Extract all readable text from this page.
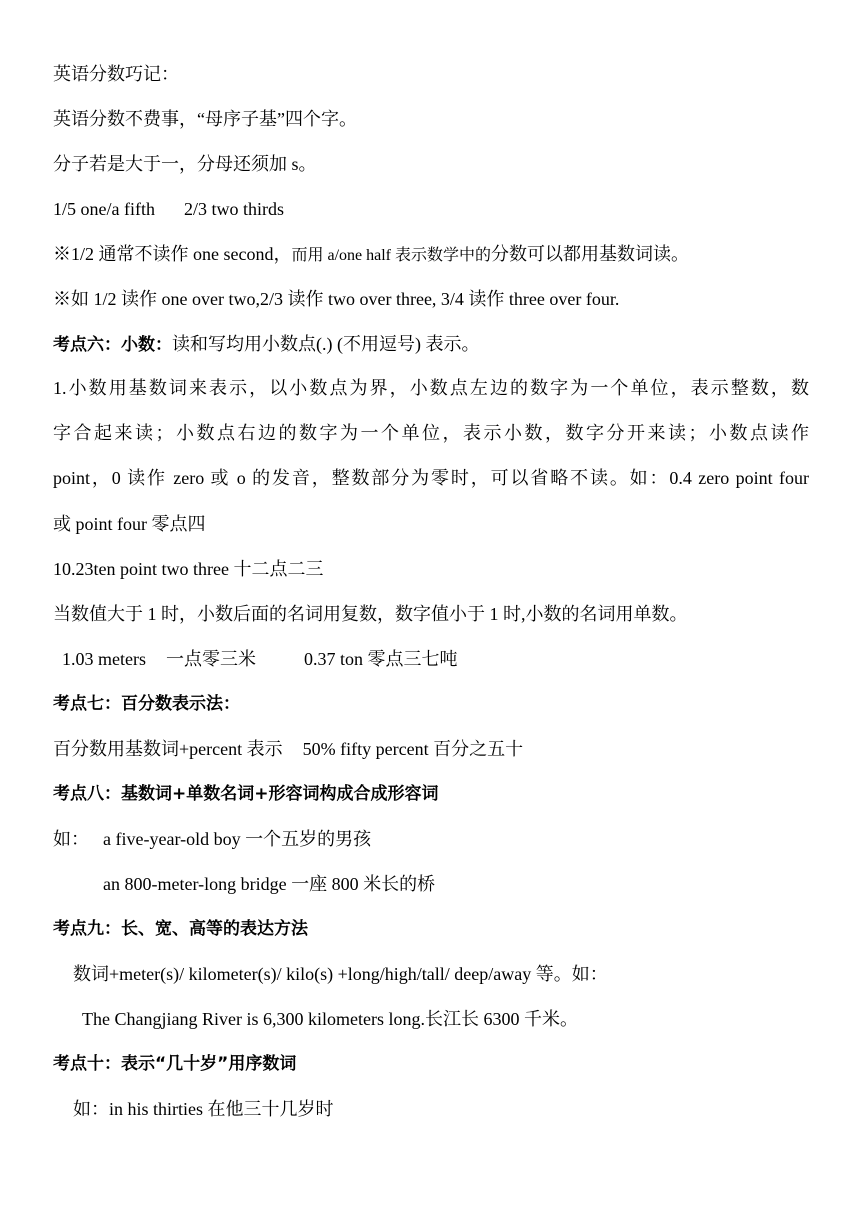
英语分数巧记：
英语分数不费事，“母序子基”四个字。
分子若是大于一，分母还须加 s。
1/5 one/a fifth 2/3 two thirds
※1/2 通常不读作 one second，而用 a/one half 表示数学中的分数可以都用基数词读。
※如 1/2 读作 one over two,2/3 读作 two over three, 3/4 读作 three over four.
考点六：小数：读和写均用小数点(.) (不用逗号) 表示。
1.小数用基数词来表示，以小数点为界，小数点左边的数字为一个单位，表示整数，数
字合起来读；小数点右边的数字为一个单位，表示小数，数字分开来读；小数点读作
point，0 读作 zero 或 o 的发音，整数部分为零时，可以省略不读。如：0.4 zero point four
或 point four 零点四
10.23ten point two three 十二点二三
当数值大于 1 时，小数后面的名词用复数，数字值小于 1 时,小数的名词用单数。
1.03 meters 一点零三米	0.37 ton 零点三七吨
考点七：百分数表示法：
百分数用基数词+percent 表示 50% fifty percent 百分之五十
考点八：基数词+单数名词+形容词构成合成形容词
如： a five-year-old boy 一个五岁的男孩
an 800-meter-long bridge 一座 800 米长的桥
考点九：长、宽、高等的表达方法
数词+meter(s)/ kilometer(s)/ kilo(s) +long/high/tall/ deep/away 等。如：
The Changjiang River is 6,300 kilometers long.长江长 6300 千米。
考点十：表示“几十岁”用序数词
如：in his thirties 在他三十几岁时
